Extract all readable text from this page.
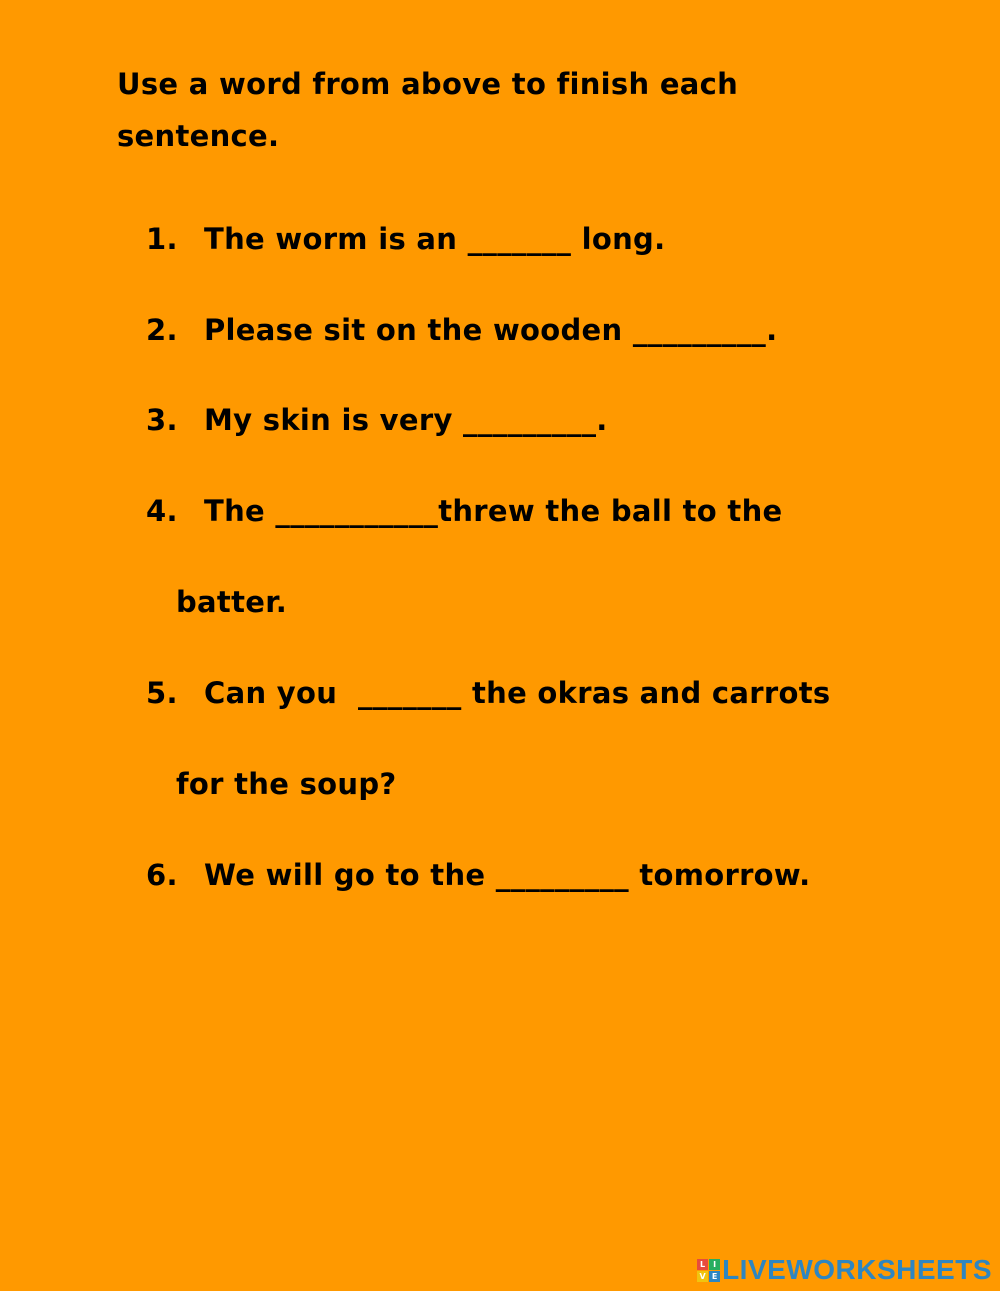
Use a word from above to finish each sentence.
1. The worm is an _______ long.
2. Please sit on the wooden _________.
3. My skin is very _________.
4. The ___________threw the ball to the
batter.
5. Can you  _______ the okras and carrots
for the soup?
6. We will go to the _________ tomorrow.
L I
V E LIVEWORKSHEETS
